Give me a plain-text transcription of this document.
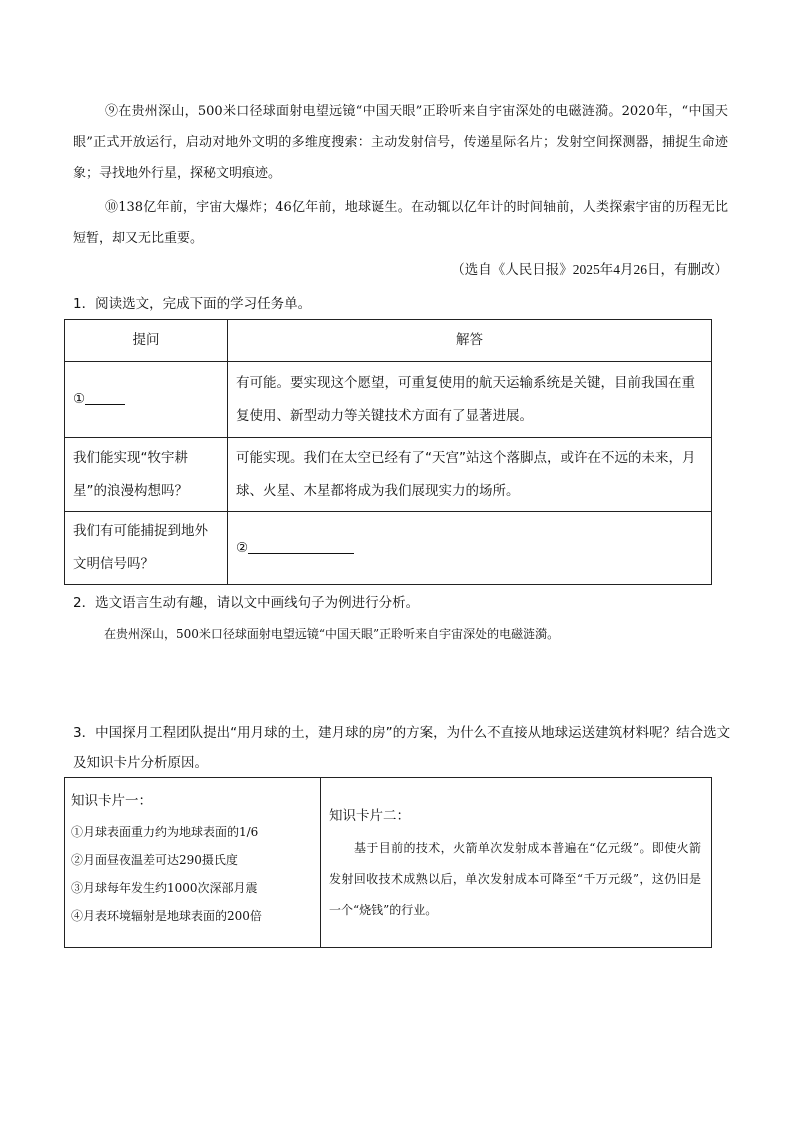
⑨在贵州深山，500米口径球面射电望远镜“中国天眼”正聆听来自宇宙深处的电磁涟漪。2020年，“中国天眼”正式开放运行，启动对地外文明的多维度搜索：主动发射信号，传递星际名片；发射空间探测器，捕捉生命迹象；寻找地外行星，探秘文明痕迹。
⑩138亿年前，宇宙大爆炸；46亿年前，地球诞生。在动辄以亿年计的时间轴前，人类探索宇宙的历程无比短暂，却又无比重要。
（选自《人民日报》2025年4月26日，有删改）
1．阅读选文，完成下面的学习任务单。
提问	解答
①	有可能。要实现这个愿望，可重复使用的航天运输系统是关键，目前我国在重复使用、新型动力等关键技术方面有了显著进展。
我们能实现“牧宇耕星”的浪漫构想吗？	可能实现。我们在太空已经有了“天宫”站这个落脚点，或许在不远的未来，月球、火星、木星都将成为我们展现实力的场所。
我们有可能捕捉到地外文明信号吗？	②
2．选文语言生动有趣，请以文中画线句子为例进行分析。
在贵州深山，500米口径球面射电望远镜“中国天眼”正聆听来自宇宙深处的电磁涟漪。
3．中国探月工程团队提出“用月球的土，建月球的房”的方案，为什么不直接从地球运送建筑材料呢？结合选文及知识卡片分析原因。
知识卡片一：
①月球表面重力约为地球表面的1/6
②月面昼夜温差可达290摄氏度
③月球每年发生约1000次深部月震
④月表环境辐射是地球表面的200倍

知识卡片二：
基于目前的技术，火箭单次发射成本普遍在“亿元级”。即使火箭发射回收技术成熟以后，单次发射成本可降至“千万元级”，这仍旧是一个“烧钱”的行业。
